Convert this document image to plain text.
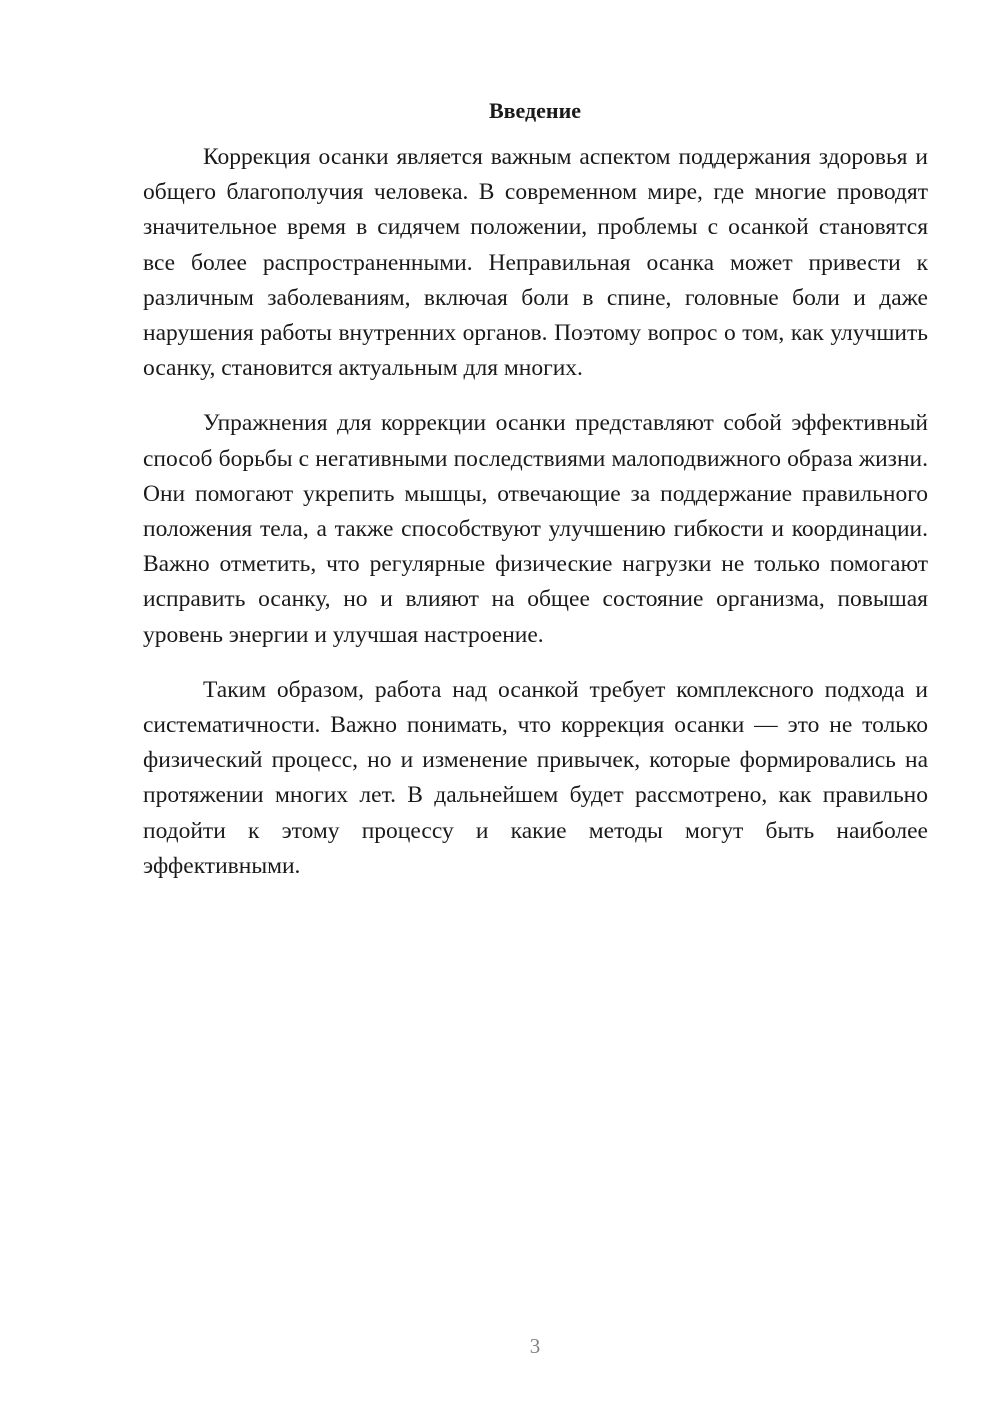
Введение

Коррекция осанки является важным аспектом поддержания здоровья и общего благополучия человека. В современном мире, где многие проводят значительное время в сидячем положении, проблемы с осанкой становятся все более распространенными. Неправильная осанка может привести к различным заболеваниям, включая боли в спине, головные боли и даже нарушения работы внутренних органов. Поэтому вопрос о том, как улучшить осанку, становится актуальным для многих.

Упражнения для коррекции осанки представляют собой эффективный способ борьбы с негативными последствиями малоподвижного образа жизни. Они помогают укрепить мышцы, отвечающие за поддержание правильного положения тела, а также способствуют улучшению гибкости и координации. Важно отметить, что регулярные физические нагрузки не только помогают исправить осанку, но и влияют на общее состояние организма, повышая уровень энергии и улучшая настроение.

Таким образом, работа над осанкой требует комплексного подхода и систематичности. Важно понимать, что коррекция осанки — это не только физический процесс, но и изменение привычек, которые формировались на протяжении многих лет. В дальнейшем будет рассмотрено, как правильно подойти к этому процессу и какие методы могут быть наиболее эффективными.

3
